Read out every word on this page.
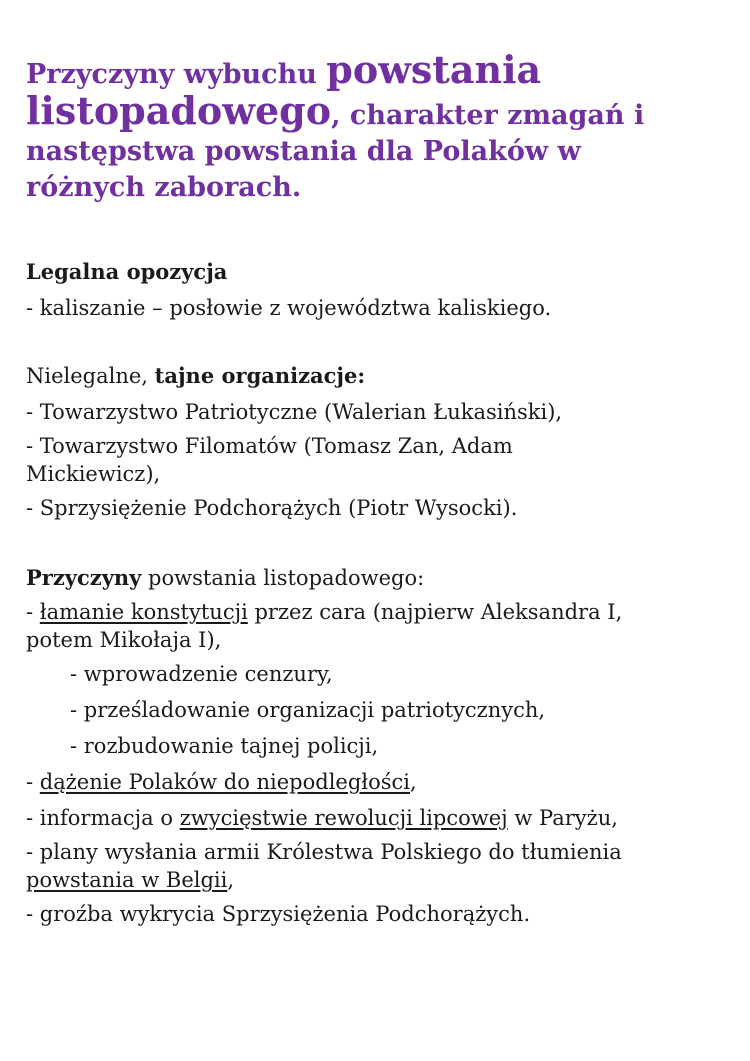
Przyczyny wybuchu powstania
listopadowego, charakter zmagań i
następstwa powstania dla Polaków w
różnych zaborach.
Legalna opozycja
- kaliszanie – posłowie z województwa kaliskiego.
Nielegalne, tajne organizacje:
- Towarzystwo Patriotyczne (Walerian Łukasiński),
- Towarzystwo Filomatów (Tomasz Zan, Adam
Mickiewicz),
- Sprzysiężenie Podchorążych (Piotr Wysocki).
Przyczyny powstania listopadowego:
- łamanie konstytucji przez cara (najpierw Aleksandra I,
potem Mikołaja I),
- wprowadzenie cenzury,
- prześladowanie organizacji patriotycznych,
- rozbudowanie tajnej policji,
- dążenie Polaków do niepodległości,
- informacja o zwycięstwie rewolucji lipcowej w Paryżu,
- plany wysłania armii Królestwa Polskiego do tłumienia
powstania w Belgii,
- groźba wykrycia Sprzysiężenia Podchorążych.
